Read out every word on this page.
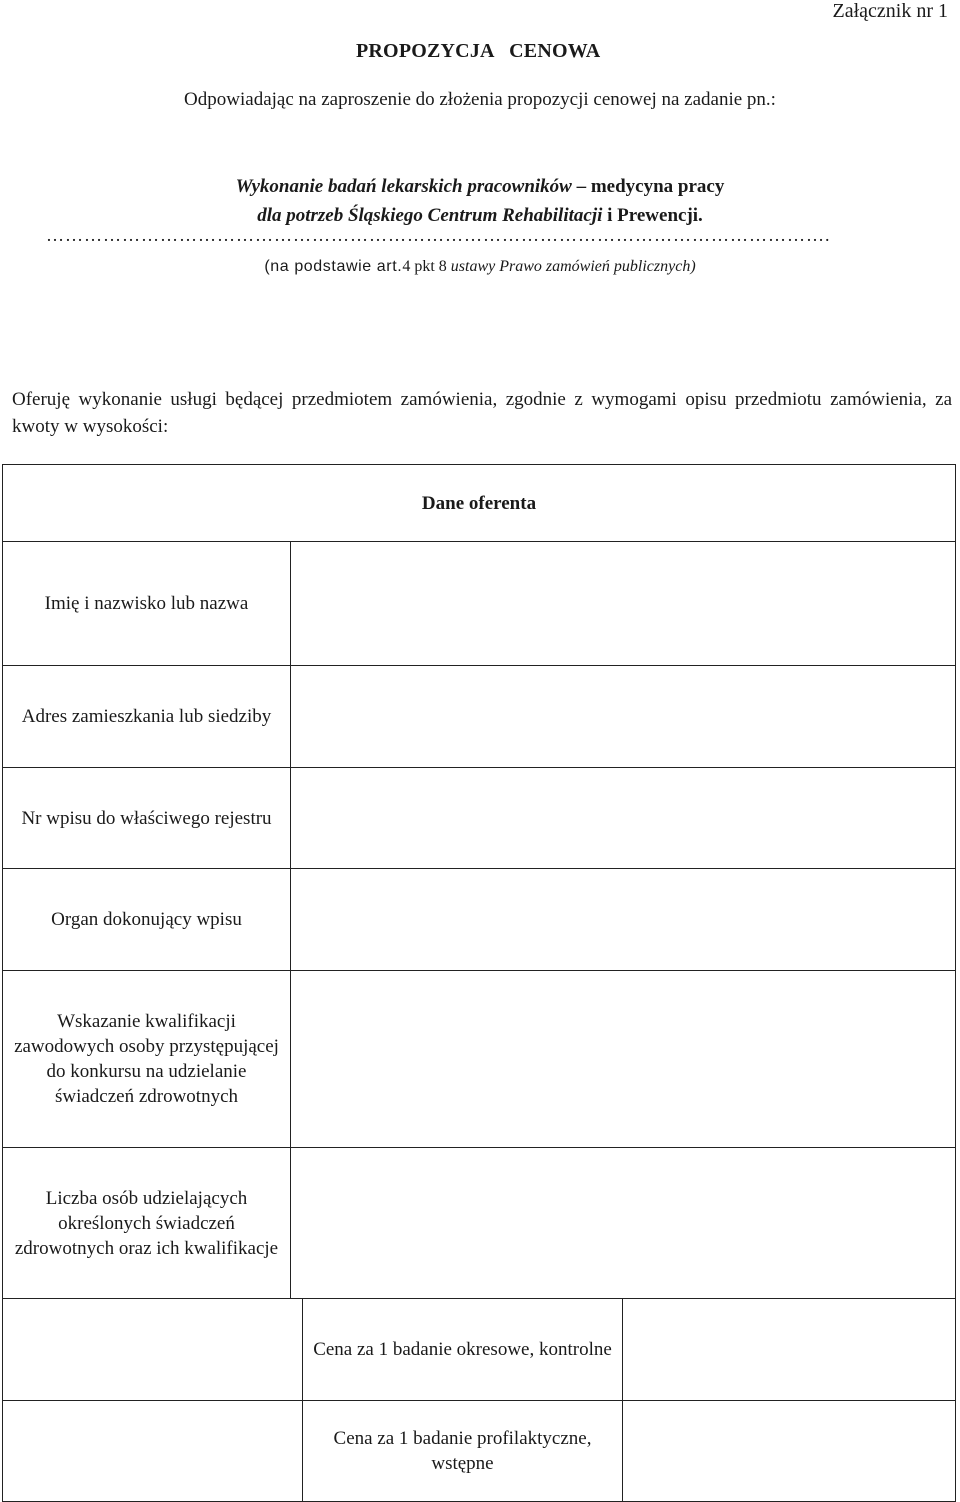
Załącznik nr 1
PROPOZYCJA   CENOWA
Odpowiadając na zaproszenie do złożenia propozycji cenowej na zadanie pn.:
Wykonanie badań lekarskich pracowników – medycyna pracy
dla potrzeb Śląskiego Centrum Rehabilitacji i Prewencji.
…………………………………………………………………………………………………………….
(na podstawie art.4 pkt 8 ustawy Prawo zamówień publicznych)
Oferuję wykonanie usługi będącej przedmiotem zamówienia, zgodnie z wymogami opisu przedmiotu zamówienia, za kwoty w wysokości:
Dane oferenta	
Imię i nazwisko lub nazwa	
Adres zamieszkania lub siedziby	
Nr wpisu do właściwego rejestru	
Organ dokonujący wpisu	
Wskazanie kwalifikacji zawodowych osoby przystępującej do konkursu na udzielanie świadczeń zdrowotnych	
Liczba osób udzielających określonych świadczeń zdrowotnych oraz ich kwalifikacje	
	Cena za 1 badanie okresowe, kontrolne	
	Cena za 1 badanie profilaktyczne, wstępne	
